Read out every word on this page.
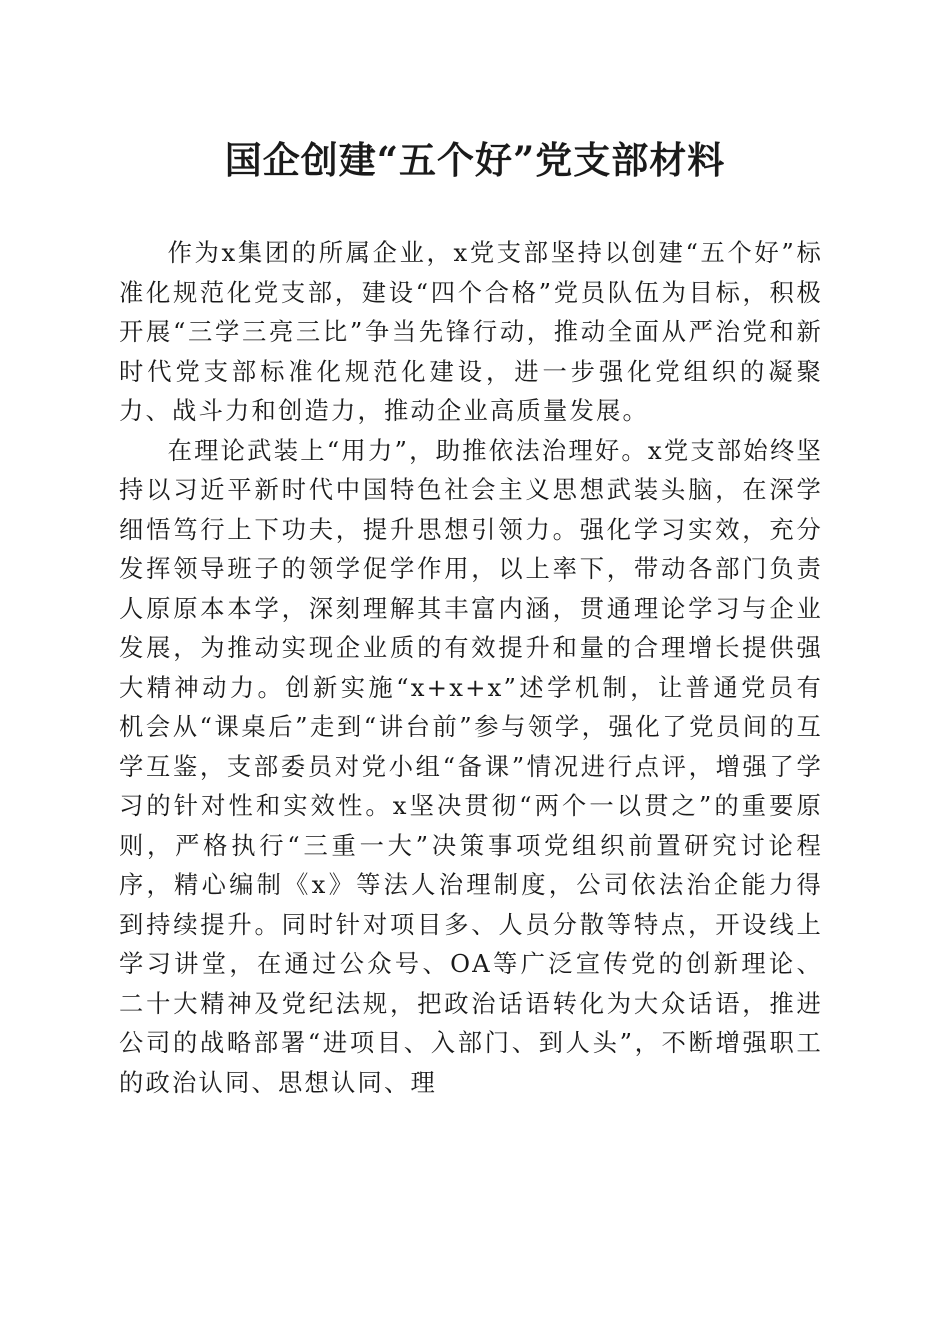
国企创建“五个好”党支部材料

作为x集团的所属企业，x党支部坚持以创建“五个好”标准化规范化党支部，建设“四个合格”党员队伍为目标，积极开展“三学三亮三比”争当先锋行动，推动全面从严治党和新时代党支部标准化规范化建设，进一步强化党组织的凝聚力、战斗力和创造力，推动企业高质量发展。

在理论武装上“用力”，助推依法治理好。x党支部始终坚持以习近平新时代中国特色社会主义思想武装头脑，在深学细悟笃行上下功夫，提升思想引领力。强化学习实效，充分发挥领导班子的领学促学作用，以上率下，带动各部门负责人原原本本学，深刻理解其丰富内涵，贯通理论学习与企业发展，为推动实现企业质的有效提升和量的合理增长提供强大精神动力。创新实施“x+x+x”述学机制，让普通党员有机会从“课桌后”走到“讲台前”参与领学，强化了党员间的互学互鉴，支部委员对党小组“备课”情况进行点评，增强了学习的针对性和实效性。x坚决贯彻“两个一以贯之”的重要原则，严格执行“三重一大”决策事项党组织前置研究讨论程序，精心编制《x》等法人治理制度，公司依法治企能力得到持续提升。同时针对项目多、人员分散等特点，开设线上学习讲堂，在通过公众号、OA等广泛宣传党的创新理论、二十大精神及党纪法规，把政治话语转化为大众话语，推进公司的战略部署“进项目、入部门、到人头”，不断增强职工的政治认同、思想认同、理
